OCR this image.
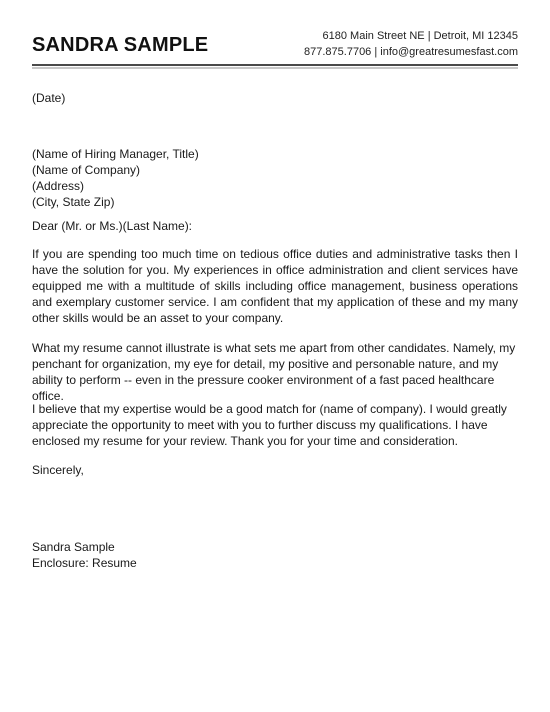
SANDRA SAMPLE	6180 Main Street NE | Detroit, MI 12345
877.875.7706 | info@greatresumesfast.com
(Date)
(Name of Hiring Manager, Title)
(Name of Company)
(Address)
(City, State Zip)
Dear (Mr. or Ms.)(Last Name):
If you are spending too much time on tedious office duties and administrative tasks then I have the solution for you. My experiences in office administration and client services have equipped me with a multitude of skills including office management, business operations and exemplary customer service. I am confident that my application of these and my many other skills would be an asset to your company.
What my resume cannot illustrate is what sets me apart from other candidates. Namely, my penchant for organization, my eye for detail, my positive and personable nature, and my ability to perform -- even in the pressure cooker environment of a fast paced healthcare office.
I believe that my expertise would be a good match for (name of company). I would greatly appreciate the opportunity to meet with you to further discuss my qualifications. I have enclosed my resume for your review. Thank you for your time and consideration.
Sincerely,
Sandra Sample
Enclosure: Resume
